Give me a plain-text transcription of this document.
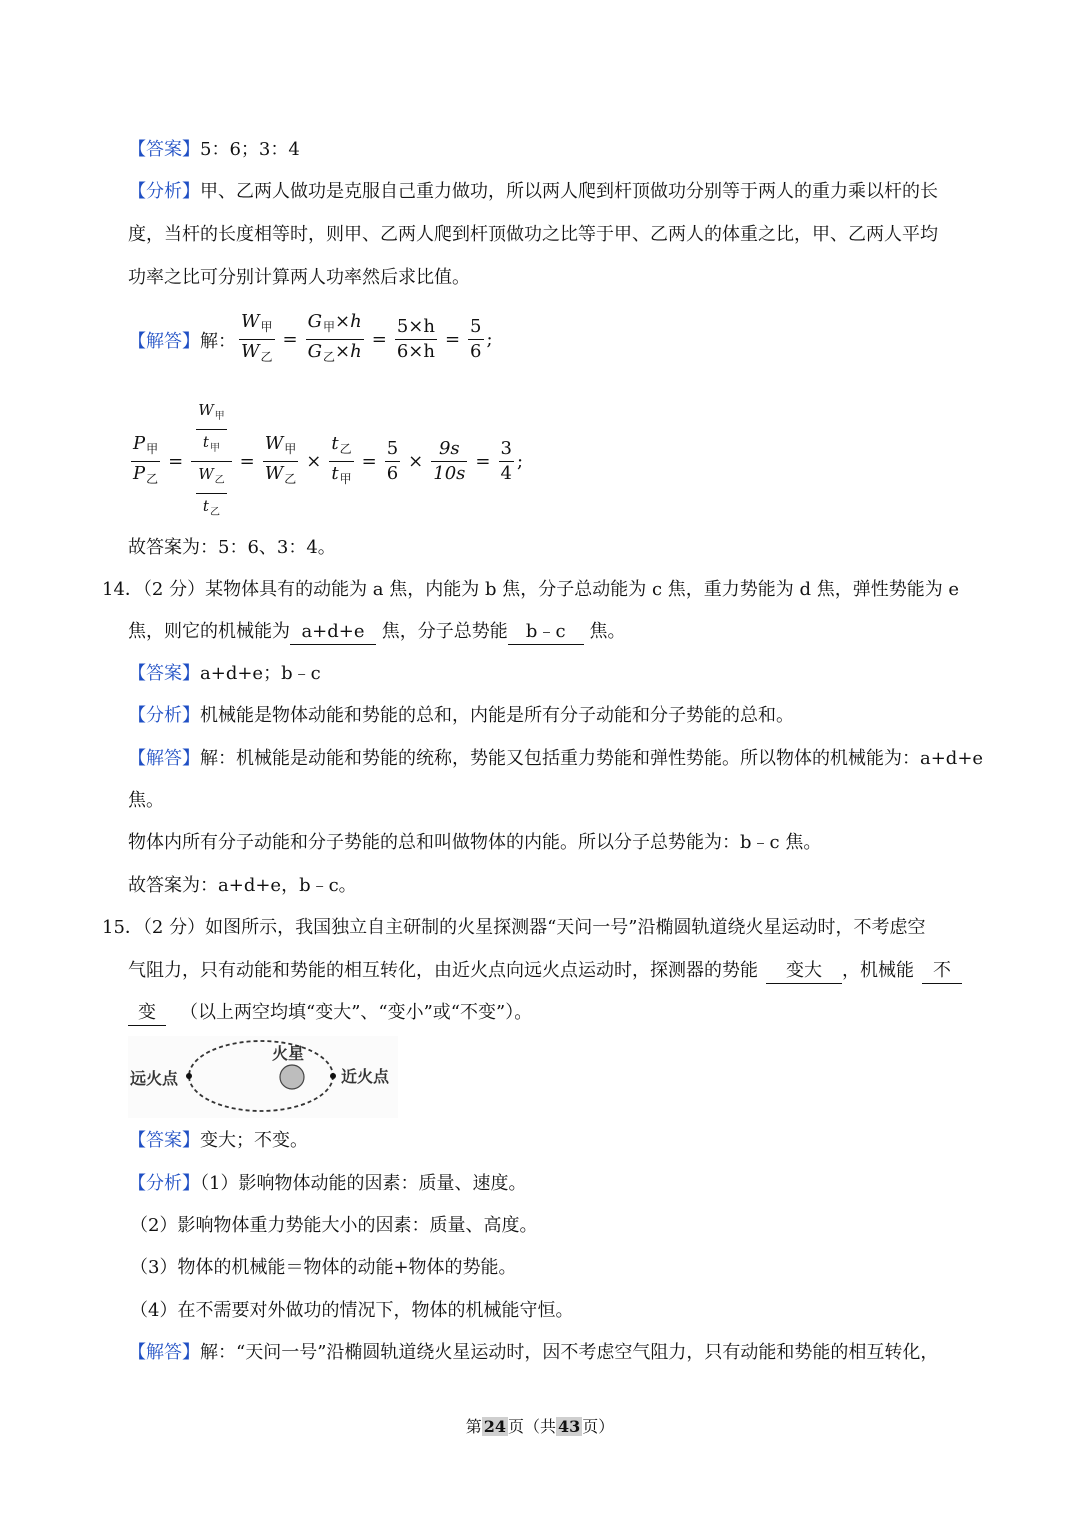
【答案】5：6；3：4
【分析】甲、乙两人做功是克服自己重力做功，所以两人爬到杆顶做功分别等于两人的重力乘以杆的长
度，当杆的长度相等时，则甲、乙两人爬到杆顶做功之比等于甲、乙两人的体重之比，甲、乙两人平均
功率之比可分别计算两人功率然后求比值。
【解答】 解： $\frac{W_甲}{W_乙} = \frac{G_甲\times h}{G_乙\times h} = \frac{5\times h}{6\times h} = \frac{5}{6}$ ;
$\frac{P_甲}{P_乙} = \frac{\frac{W_甲}{t_甲}}{\frac{W_乙}{t_乙}} = \frac{W_甲}{W_乙} \times \frac{t_乙}{t_甲} = \frac{5}{6} \times \frac{9s}{10s} = \frac{3}{4}$ ;
故答案为：5：6、3：4。
14．（2 分）某物体具有的动能为 a 焦，内能为 b 焦，分子总动能为 c 焦，重力势能为 d 焦，弹性势能为 e
焦，则它的机械能为 a+d+e 焦，分子总势能 b﹣c 焦。
【答案】a+d+e；b﹣c
【分析】机械能是物体动能和势能的总和，内能是所有分子动能和分子势能的总和。
【解答】解：机械能是动能和势能的统称，势能又包括重力势能和弹性势能。所以物体的机械能为：a+d+e
焦。
物体内所有分子动能和分子势能的总和叫做物体的内能。所以分子总势能为：b﹣c 焦。
故答案为：a+d+e，b﹣c。
15．（2 分）如图所示，我国独立自主研制的火星探测器“天问一号”沿椭圆轨道绕火星运动时，不考虑空
气阻力，只有动能和势能的相互转化，由近火点向远火点运动时，探测器的势能 变大 ，机械能 不
变 （以上两空均填“变大”、“变小”或“不变”）。
远火点
火星
近火点
【答案】变大；不变。
【分析】（1）影响物体动能的因素：质量、速度。
（2）影响物体重力势能大小的因素：质量、高度。
（3）物体的机械能＝物体的动能+物体的势能。
（4）在不需要对外做功的情况下，物体的机械能守恒。
【解答】解：“天问一号”沿椭圆轨道绕火星运动时，因不考虑空气阻力，只有动能和势能的相互转化，
第 24 页（共 43 页）
